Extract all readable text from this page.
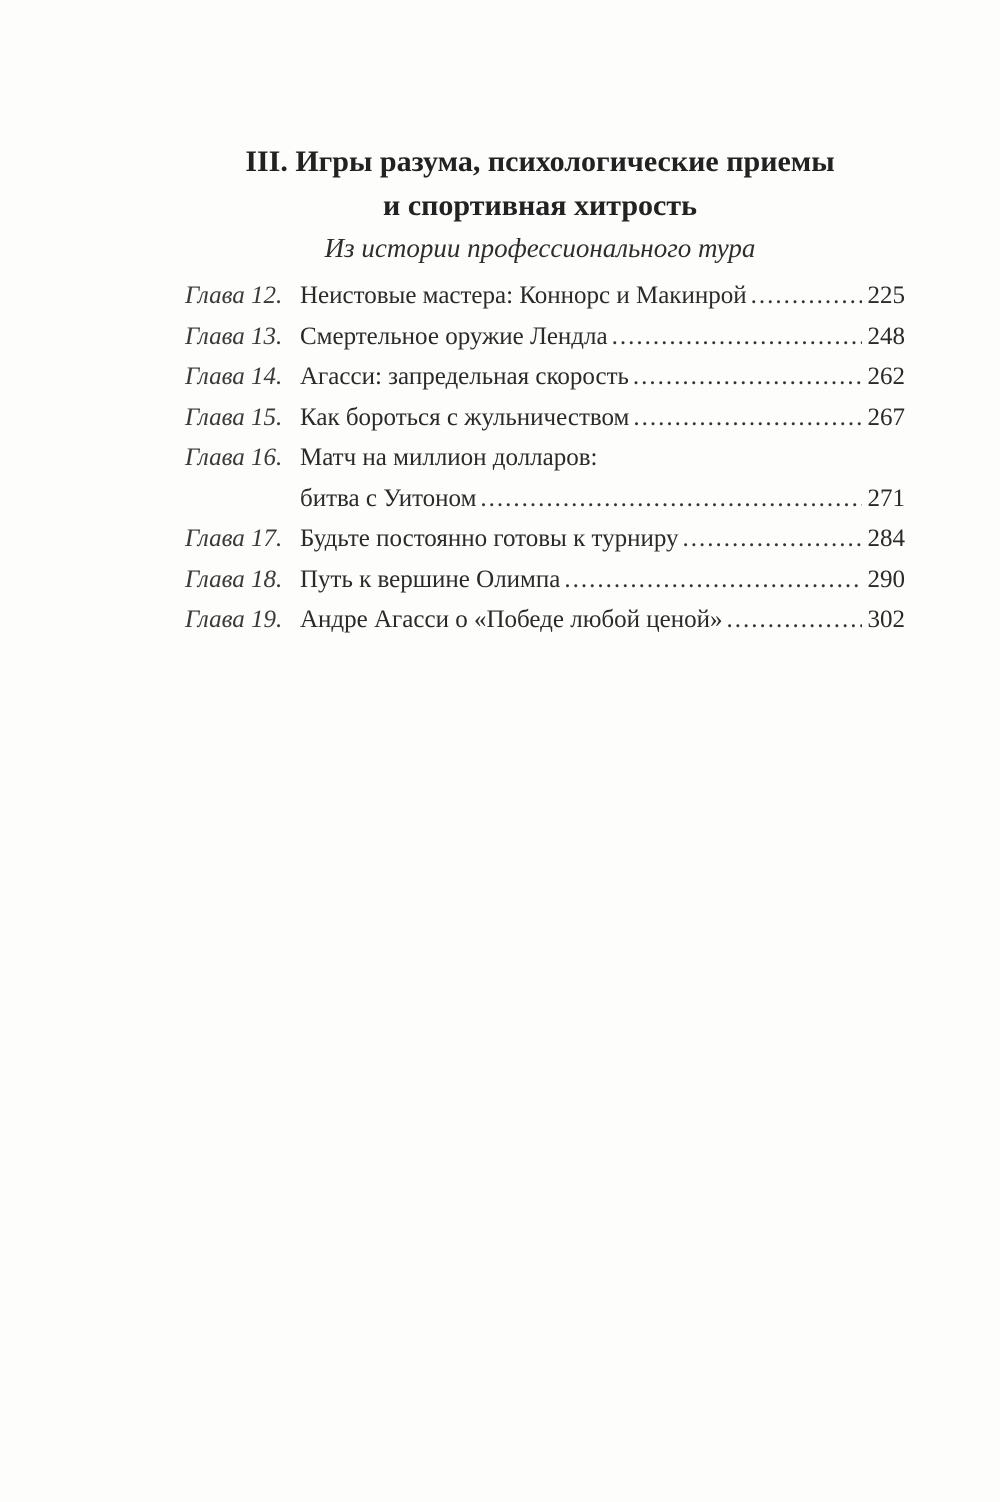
III. Игры разума, психологические приемы
и спортивная хитрость
Из истории профессионального тура
Глава 12. Неистовые мастера: Коннорс и Макинрой .....	225
Глава 13. Смертельное оружие Лендла .....	248
Глава 14. Агасси: запредельная скорость .....	262
Глава 15. Как бороться с жульничеством .....	267
Глава 16. Матч на миллион долларов:
битва с Уитоном .....	271
Глава 17. Будьте постоянно готовы к турниру .....	284
Глава 18. Путь к вершине Олимпа .....	290
Глава 19. Андре Агасси о «Победе любой ценой» .....	302
